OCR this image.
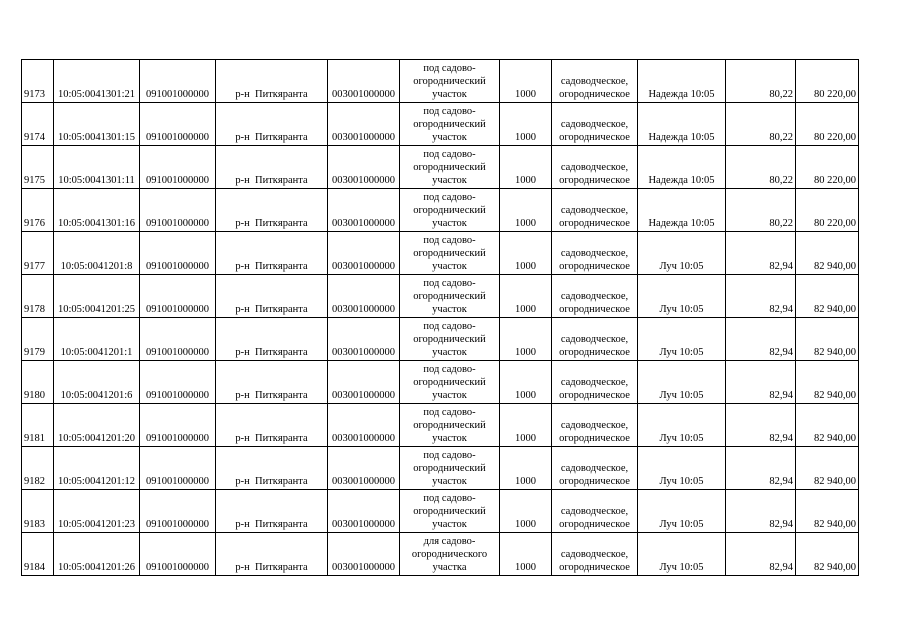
9173	10:05:0041301:21	091001000000	р-н  Питкяранта	003001000000	под садово-
огороднический
участок	1000	садоводческое,
огородническое	Надежда 10:05	80,22	80 220,00
9174	10:05:0041301:15	091001000000	р-н  Питкяранта	003001000000	под садово-
огороднический
участок	1000	садоводческое,
огородническое	Надежда 10:05	80,22	80 220,00
9175	10:05:0041301:11	091001000000	р-н  Питкяранта	003001000000	под садово-
огороднический
участок	1000	садоводческое,
огородническое	Надежда 10:05	80,22	80 220,00
9176	10:05:0041301:16	091001000000	р-н  Питкяранта	003001000000	под садово-
огороднический
участок	1000	садоводческое,
огородническое	Надежда 10:05	80,22	80 220,00
9177	10:05:0041201:8	091001000000	р-н  Питкяранта	003001000000	под садово-
огороднический
участок	1000	садоводческое,
огородническое	Луч 10:05	82,94	82 940,00
9178	10:05:0041201:25	091001000000	р-н  Питкяранта	003001000000	под садово-
огороднический
участок	1000	садоводческое,
огородническое	Луч 10:05	82,94	82 940,00
9179	10:05:0041201:1	091001000000	р-н  Питкяранта	003001000000	под садово-
огороднический
участок	1000	садоводческое,
огородническое	Луч 10:05	82,94	82 940,00
9180	10:05:0041201:6	091001000000	р-н  Питкяранта	003001000000	под садово-
огороднический
участок	1000	садоводческое,
огородническое	Луч 10:05	82,94	82 940,00
9181	10:05:0041201:20	091001000000	р-н  Питкяранта	003001000000	под садово-
огороднический
участок	1000	садоводческое,
огородническое	Луч 10:05	82,94	82 940,00
9182	10:05:0041201:12	091001000000	р-н  Питкяранта	003001000000	под садово-
огороднический
участок	1000	садоводческое,
огородническое	Луч 10:05	82,94	82 940,00
9183	10:05:0041201:23	091001000000	р-н  Питкяранта	003001000000	под садово-
огороднический
участок	1000	садоводческое,
огородническое	Луч 10:05	82,94	82 940,00
9184	10:05:0041201:26	091001000000	р-н  Питкяранта	003001000000	для садово-
огороднического
участка	1000	садоводческое,
огородническое	Луч 10:05	82,94	82 940,00
